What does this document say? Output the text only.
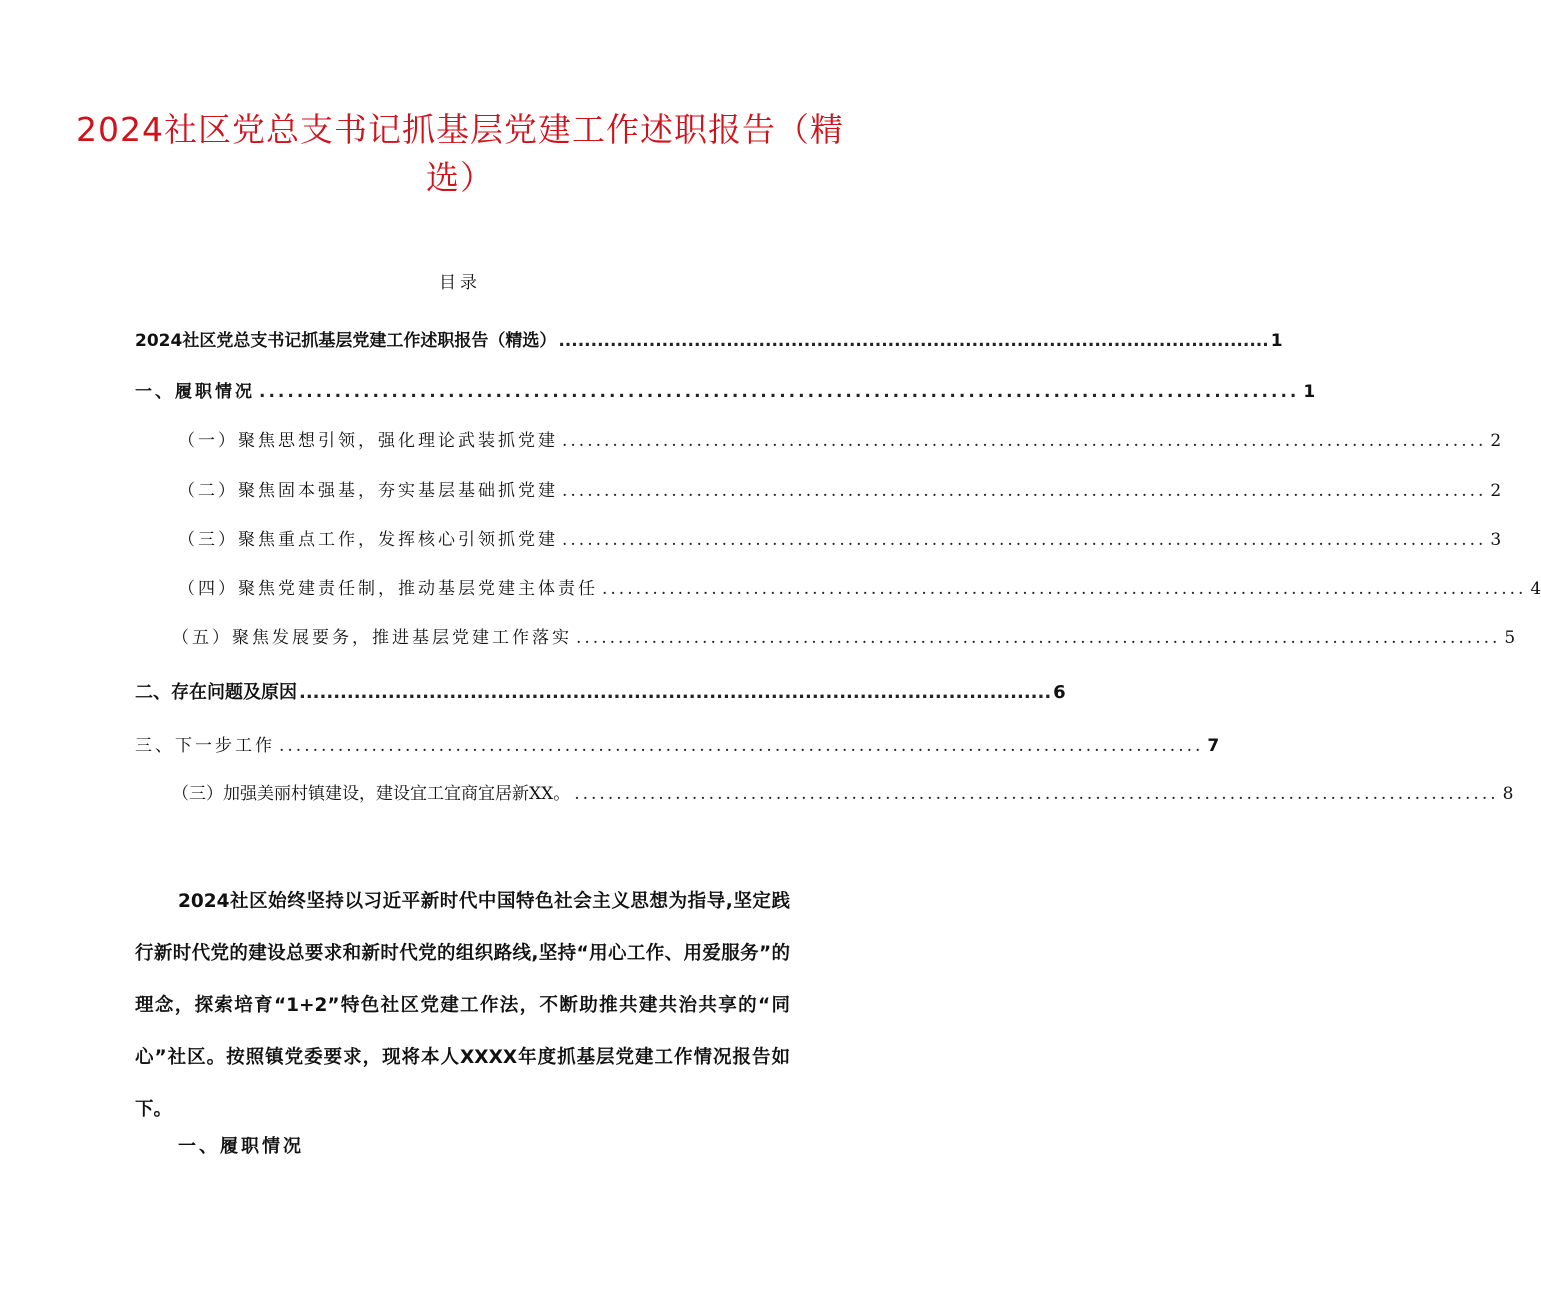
2024社区党总支书记抓基层党建工作述职报告（精选）
目录
2024社区党总支书记抓基层党建工作述职报告（精选） .............................................................................................................. 1
一、履职情况 .............................................................................................................. 1
（一）聚焦思想引领，强化理论武装抓党建 .............................................................................................................. 2
（二）聚焦固本强基，夯实基层基础抓党建 .............................................................................................................. 2
（三）聚焦重点工作，发挥核心引领抓党建 .............................................................................................................. 3
（四）聚焦党建责任制，推动基层党建主体责任 .............................................................................................................. 4
（五）聚焦发展要务，推进基层党建工作落实 .............................................................................................................. 5
二、存在问题及原因 .............................................................................................................. 6
三、下一步工作 .............................................................................................................. 7
（三）加强美丽村镇建设，建设宜工宜商宜居新XX。 .............................................................................................................. 8

2024社区始终坚持以习近平新时代中国特色社会主义思想为指导,坚定践行新时代党的建设总要求和新时代党的组织路线,坚持“用心工作、用爱服务”的理念，探索培育“1+2”特色社区党建工作法，不断助推共建共治共享的“同心”社区。按照镇党委要求，现将本人XXXX年度抓基层党建工作情况报告如下。

一、履职情况
